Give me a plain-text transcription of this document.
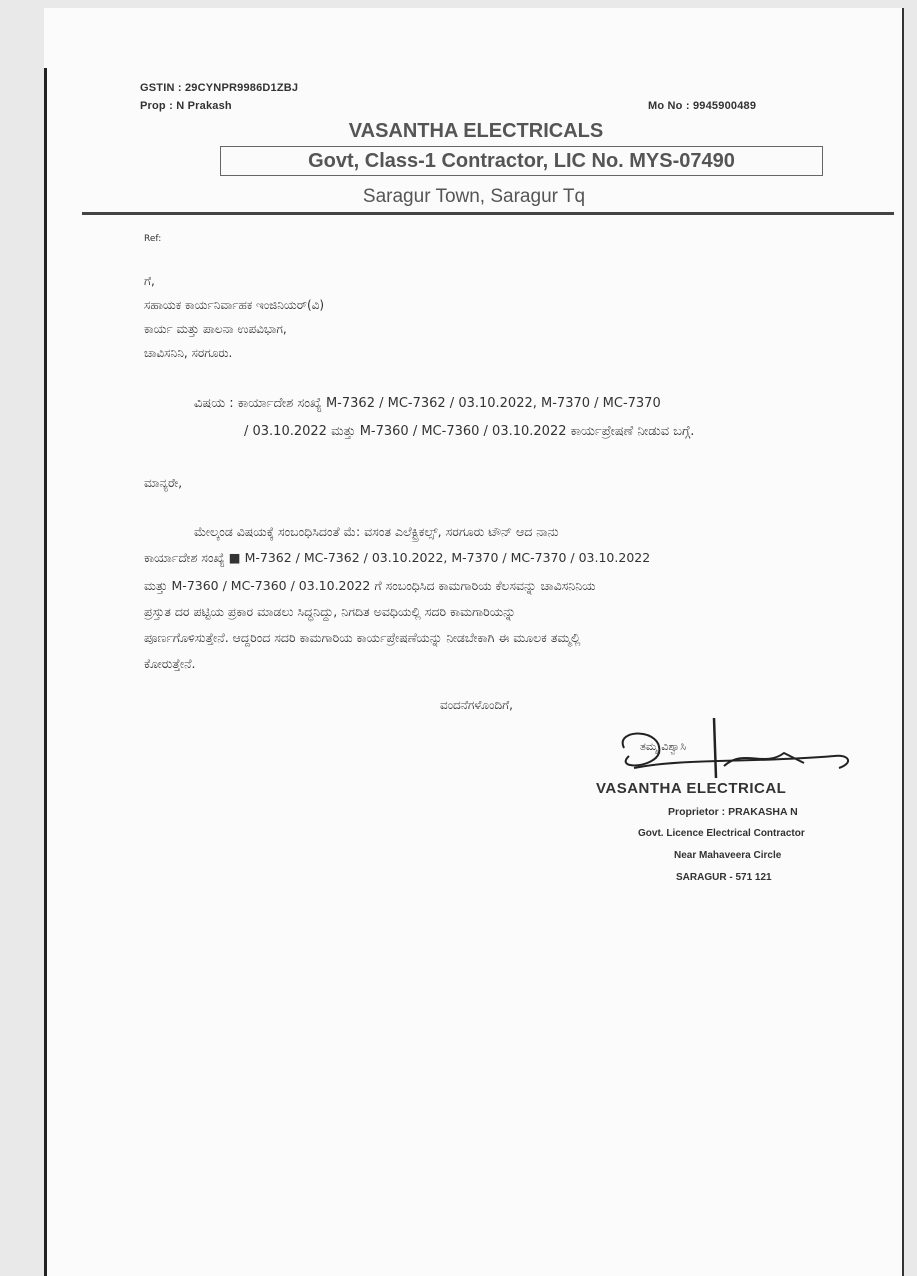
GSTIN : 29CYNPR9986D1ZBJ
Prop : N Prakash	Mo No : 9945900489
VASANTHA ELECTRICALS
Govt, Class-1 Contractor, LIC No. MYS-07490
Saragur Town, Saragur Tq
Ref:
ಗೆ,
ಸಹಾಯಕ ಕಾರ್ಯನಿರ್ವಾಹಕ ಇಂಜಿನಿಯರ್(ವಿ)
ಕಾರ್ಯ ಮತ್ತು ಪಾಲನಾ ಉಪವಿಭಾಗ,
ಚಾವಿಸನಿನಿ, ಸರಗೂರು.
ವಿಷಯ : ಕಾರ್ಯಾದೇಶ ಸಂಖ್ಯೆ M-7362 / MC-7362 / 03.10.2022, M-7370 / MC-7370
/ 03.10.2022 ಮತ್ತು M-7360 / MC-7360 / 03.10.2022 ಕಾರ್ಯಪ್ರೇಷಣೆ ನೀಡುವ ಬಗ್ಗೆ.
ಮಾನ್ಯರೇ,
ಮೇಲ್ಕಂಡ ವಿಷಯಕ್ಕೆ ಸಂಬಂಧಿಸಿದಂತೆ ಮೆ: ವಸಂತ ಎಲೆಕ್ಟ್ರಿಕಲ್ಸ್, ಸರಗೂರು ಟೌನ್ ಆದ ನಾನು
ಕಾರ್ಯಾದೇಶ ಸಂಖ್ಯೆ ■ M-7362 / MC-7362 / 03.10.2022, M-7370 / MC-7370 / 03.10.2022
ಮತ್ತು M-7360 / MC-7360 / 03.10.2022 ಗೆ ಸಂಬಂಧಿಸಿದ ಕಾಮಗಾರಿಯ ಕೆಲಸವನ್ನು ಚಾವಿಸನಿನಿಯ
ಪ್ರಸ್ತುತ ದರ ಪಟ್ಟಿಯ ಪ್ರಕಾರ ಮಾಡಲು ಸಿದ್ಧನಿದ್ದು, ನಿಗದಿತ ಅವಧಿಯಲ್ಲಿ ಸದರಿ ಕಾಮಗಾರಿಯನ್ನು
ಪೂರ್ಣಗೊಳಿಸುತ್ತೇನೆ. ಆದ್ದರಿಂದ ಸದರಿ ಕಾಮಗಾರಿಯ ಕಾರ್ಯಪ್ರೇಷಣೆಯನ್ನು ನೀಡಬೇಕಾಗಿ ಈ ಮೂಲಕ ತಮ್ಮಲ್ಲಿ
ಕೋರುತ್ತೇನೆ.
ವಂದನೆಗಳೊಂದಿಗೆ,
ತಮ್ಮ ವಿಶ್ವಾಸಿ
VASANTHA ELECTRICAL
Proprietor : PRAKASHA N
Govt. Licence Electrical Contractor
Near Mahaveera Circle
SARAGUR - 571 121
